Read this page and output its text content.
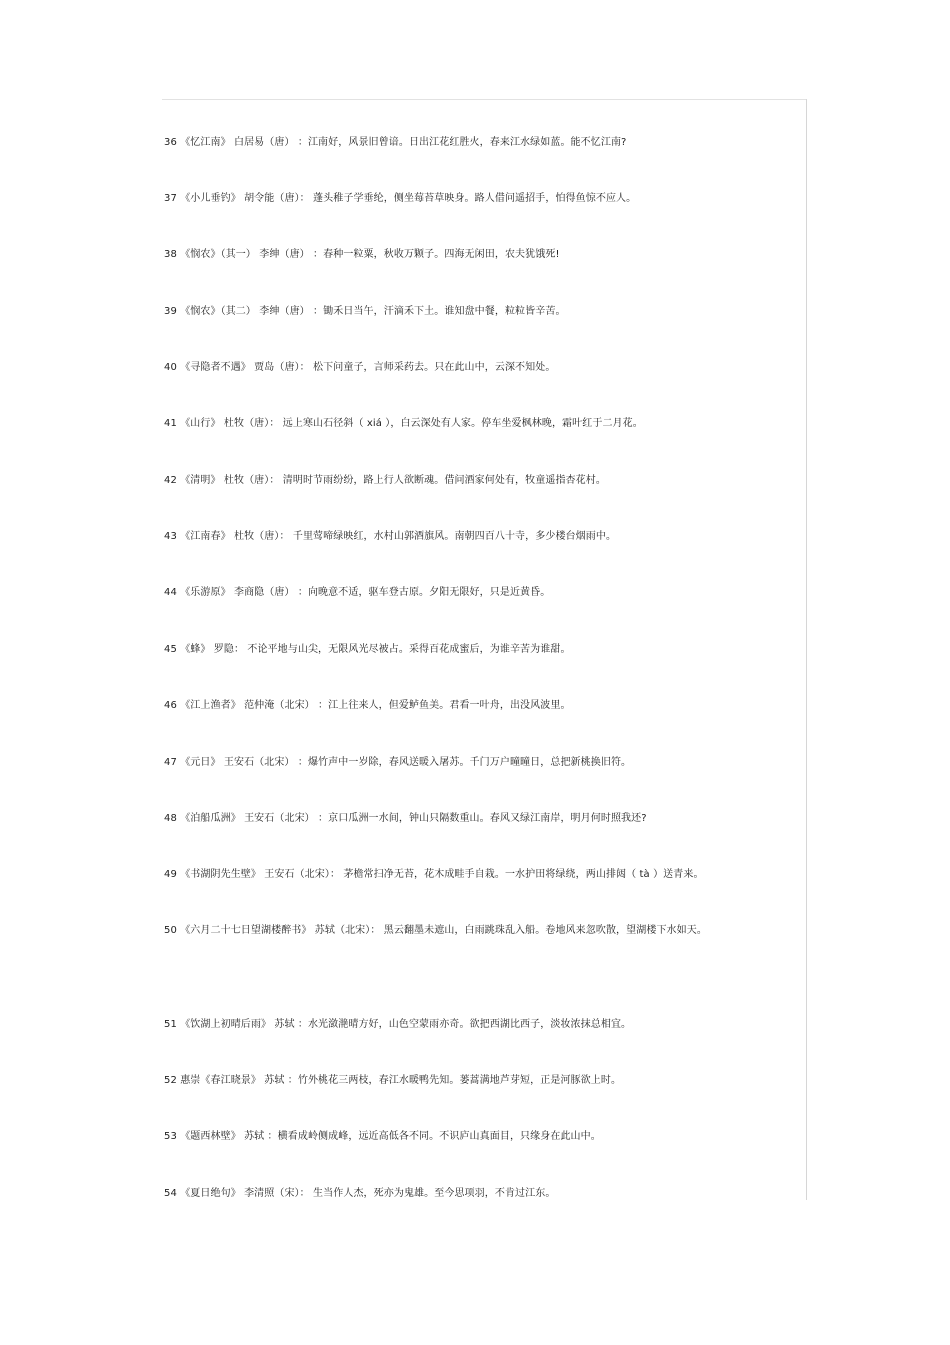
36 《忆江南》 白居易（唐） ：江南好，风景旧曾谙。日出江花红胜火，春来江水绿如蓝。能不忆江南?
37 《小儿垂钓》 胡令能（唐）： 蓬头稚子学垂纶，侧坐莓苔草映身。路人借问遥招手，怕得鱼惊不应人。
38 《悯农》（其一） 李绅（唐） ：春种一粒粟，秋收万颗子。四海无闲田，农夫犹饿死!
39 《悯农》（其二） 李绅（唐） ：锄禾日当午，汗滴禾下土。谁知盘中餐，粒粒皆辛苦。
40 《寻隐者不遇》 贾岛（唐）： 松下问童子，言师采药去。只在此山中，云深不知处。
41 《山行》 杜牧（唐）： 远上寒山石径斜（ xiá ），白云深处有人家。停车坐爱枫林晚，霜叶红于二月花。
42 《清明》 杜牧（唐）： 清明时节雨纷纷，路上行人欲断魂。借问酒家何处有，牧童遥指杏花村。
43 《江南春》 杜牧（唐）： 千里莺啼绿映红，水村山郭酒旗风。南朝四百八十寺，多少楼台烟雨中。
44 《乐游原》 李商隐（唐） ：向晚意不适，驱车登古原。夕阳无限好，只是近黄昏。
45 《蜂》 罗隐： 不论平地与山尖，无限风光尽被占。采得百花成蜜后，为谁辛苦为谁甜。
46 《江上渔者》 范仲淹（北宋） ：江上往来人，但爱鲈鱼美。君看一叶舟，出没风波里。
47 《元日》 王安石（北宋） ：爆竹声中一岁除，春风送暖入屠苏。千门万户曈曈日，总把新桃换旧符。
48 《泊船瓜洲》 王安石（北宋） ：京口瓜洲一水间，钟山只隔数重山。春风又绿江南岸，明月何时照我还?
49 《书湖阴先生壁》 王安石（北宋）： 茅檐常扫净无苔，花木成畦手自栽。一水护田将绿绕，两山排闼（ tà ）送青来。
50 《六月二十七日望湖楼醉书》 苏轼（北宋）： 黑云翻墨未遮山，白雨跳珠乱入船。卷地风来忽吹散，望湖楼下水如天。
51 《饮湖上初晴后雨》 苏轼 ：水光潋滟晴方好，山色空蒙雨亦奇。欲把西湖比西子，淡妆浓抹总相宜。
52 惠崇《春江晓景》 苏轼 ：竹外桃花三两枝，春江水暖鸭先知。蒌蒿满地芦芽短，正是河豚欲上时。
53 《题西林壁》 苏轼 ：横看成岭侧成峰，远近高低各不同。不识庐山真面目，只缘身在此山中。
54 《夏日绝句》 李清照（宋）： 生当作人杰，死亦为鬼雄。至今思项羽，不肯过江东。
